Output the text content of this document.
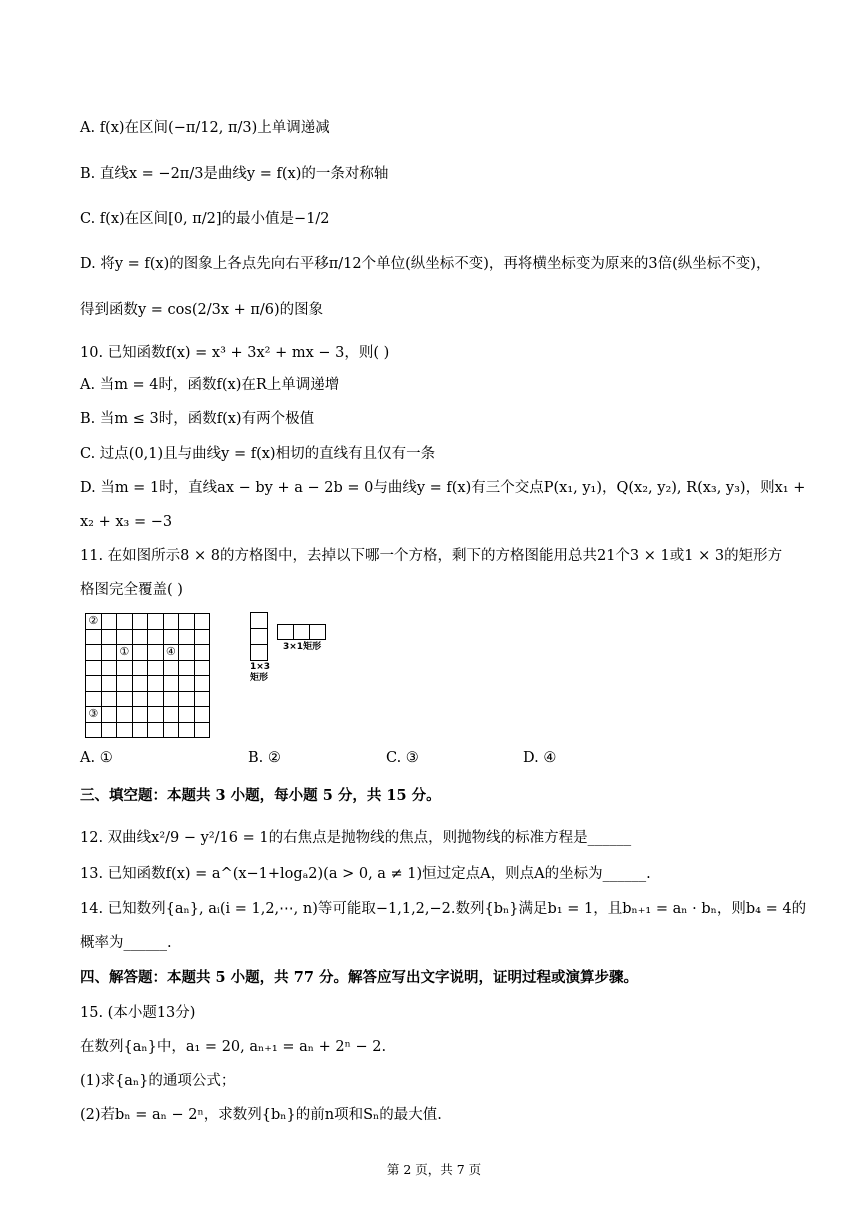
A. f(x)在区间(−π/12, π/3)上单调递减
B. 直线x = −2π/3是曲线y = f(x)的一条对称轴
C. f(x)在区间[0, π/2]的最小值是−1/2
D. 将y = f(x)的图象上各点先向右平移π/12个单位(纵坐标不变)，再将横坐标变为原来的3倍(纵坐标不变)，
得到函数y = cos(2/3x + π/6)的图象
10. 已知函数f(x) = x³ + 3x² + mx − 3，则( )
A. 当m = 4时，函数f(x)在R上单调递增
B. 当m ≤ 3时，函数f(x)有两个极值
C. 过点(0,1)且与曲线y = f(x)相切的直线有且仅有一条
D. 当m = 1时，直线ax − by + a − 2b = 0与曲线y = f(x)有三个交点P(x₁, y₁)，Q(x₂, y₂), R(x₃, y₃)，则x₁ +
x₂ + x₃ = −3
11. 在如图所示8 × 8的方格图中，去掉以下哪一个方格，剩下的方格图能用总共21个3 × 1或1 × 3的矩形方
格图完全覆盖( )
三、填空题：本题共 3 小题，每小题 5 分，共 15 分。
12. 双曲线x²/9 − y²/16 = 1的右焦点是抛物线的焦点，则抛物线的标准方程是______
13. 已知函数f(x) = a^(x−1+logₐ2)(a > 0, a ≠ 1)恒过定点A，则点A的坐标为______.
14. 已知数列{aₙ}, aᵢ(i = 1,2,⋯, n)等可能取−1,1,2,−2.数列{bₙ}满足b₁ = 1，且bₙ₊₁ = aₙ · bₙ，则b₄ = 4的
概率为______.
四、解答题：本题共 5 小题，共 77 分。解答应写出文字说明，证明过程或演算步骤。
15. (本小题13分)
在数列{aₙ}中，a₁ = 20, aₙ₊₁ = aₙ + 2ⁿ − 2.
(1)求{aₙ}的通项公式；
(2)若bₙ = aₙ − 2ⁿ，求数列{bₙ}的前n项和Sₙ的最大值.
②							

		①			④		

③							

1×3
矩形
3×1矩形
A. ①	B. ②	C. ③	D. ④
第 2 页，共 7 页
